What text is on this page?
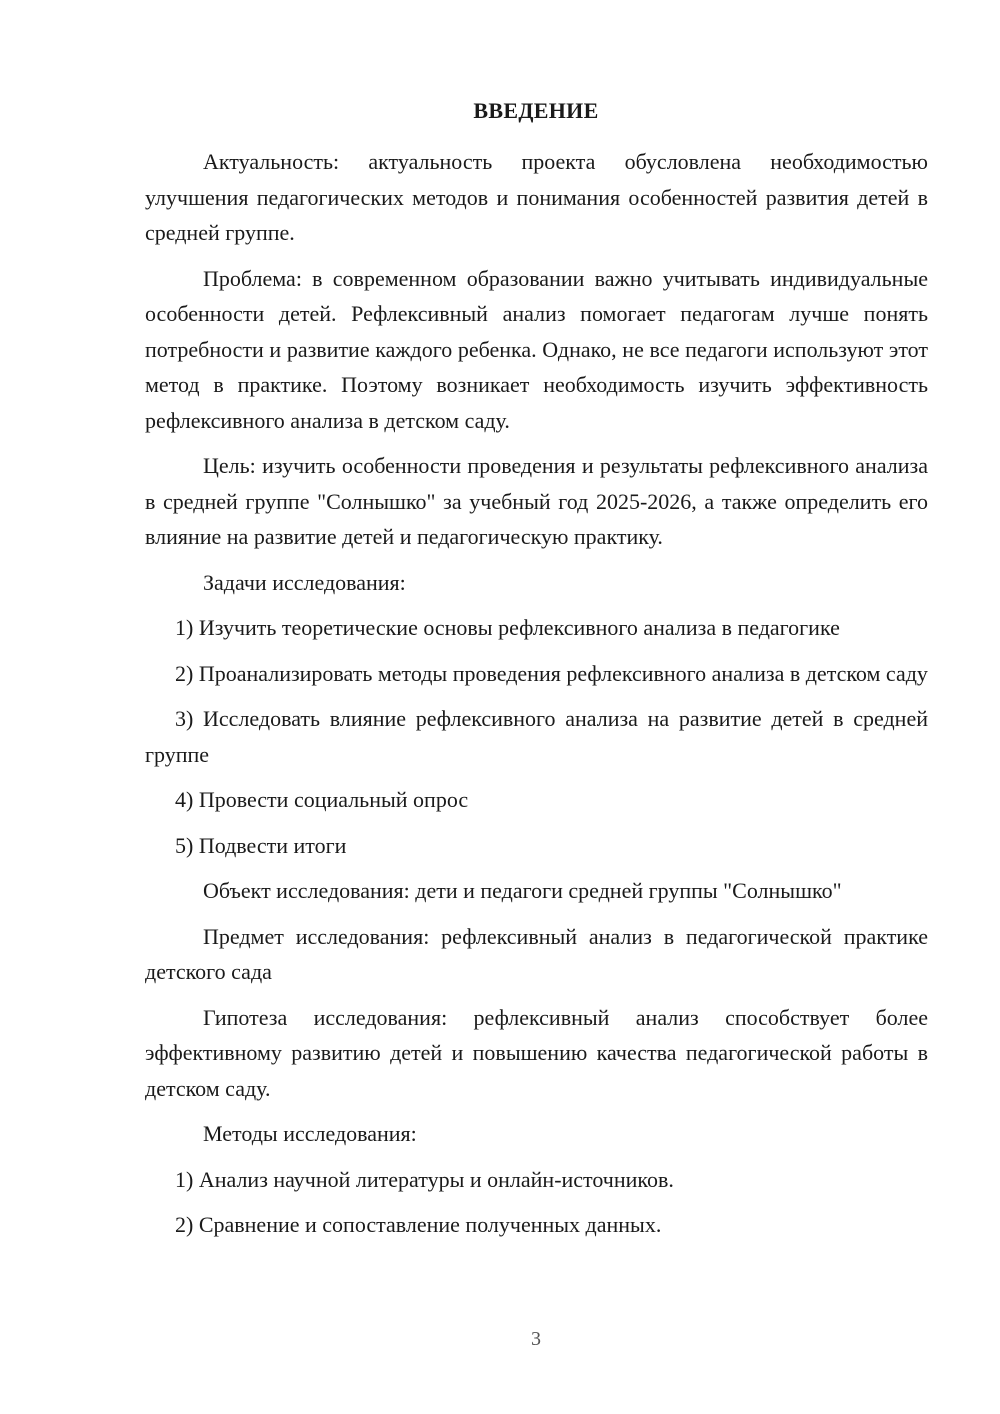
ВВЕДЕНИЕ

Актуальность: актуальность проекта обусловлена необходимостью улучшения педагогических методов и понимания особенностей развития детей в средней группе.

Проблема: в современном образовании важно учитывать индивидуальные особенности детей. Рефлексивный анализ помогает педагогам лучше понять потребности и развитие каждого ребенка. Однако, не все педагоги используют этот метод в практике. Поэтому возникает необходимость изучить эффективность рефлексивного анализа в детском саду.

Цель: изучить особенности проведения и результаты рефлексивного анализа в средней группе "Солнышко" за учебный год 2025-2026, а также определить его влияние на развитие детей и педагогическую практику.

Задачи исследования:

1) Изучить теоретические основы рефлексивного анализа в педагогике

2) Проанализировать методы проведения рефлексивного анализа в детском саду

3) Исследовать влияние рефлексивного анализа на развитие детей в средней группе

4) Провести социальный опрос

5) Подвести итоги

Объект исследования: дети и педагоги средней группы "Солнышко"

Предмет исследования: рефлексивный анализ в педагогической практике детского сада

Гипотеза исследования: рефлексивный анализ способствует более эффективному развитию детей и повышению качества педагогической работы в детском саду.

Методы исследования:

1) Анализ научной литературы и онлайн-источников.

2) Сравнение и сопоставление полученных данных.

3
